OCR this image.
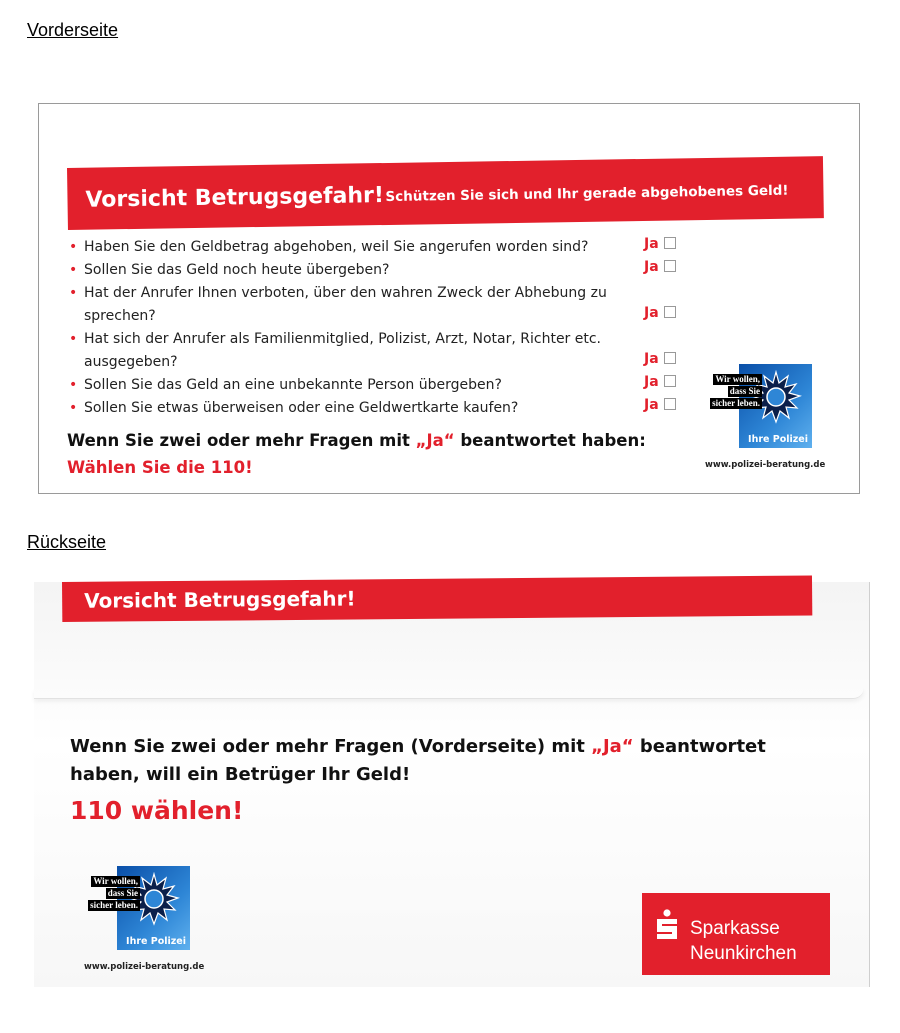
Vorderseite
Vorsicht Betrugsgefahr! Schützen Sie sich und Ihr gerade abgehobenes Geld!
• Haben Sie den Geldbetrag abgehoben, weil Sie angerufen worden sind?
• Sollen Sie das Geld noch heute übergeben?
• Hat der Anrufer Ihnen verboten, über den wahren Zweck der Abhebung zu sprechen?
• Hat sich der Anrufer als Familienmitglied, Polizist, Arzt, Notar, Richter etc. ausgegeben?
• Sollen Sie das Geld an eine unbekannte Person übergeben?
• Sollen Sie etwas überweisen oder eine Geldwertkarte kaufen?
Ja
Ja
Ja
Ja
Ja
Ja
Wenn Sie zwei oder mehr Fragen mit „Ja“ beantwortet haben:
Wählen Sie die 110!
Wir wollen,
dass Sie
sicher leben.
Ihre Polizei
www.polizei-beratung.de
Rückseite
Vorsicht Betrugsgefahr!
Wenn Sie zwei oder mehr Fragen (Vorderseite) mit „Ja“ beantwortet haben, will ein Betrüger Ihr Geld!
110 wählen!
Wir wollen,
dass Sie
sicher leben.
Ihre Polizei
www.polizei-beratung.de
Sparkasse
Neunkirchen
